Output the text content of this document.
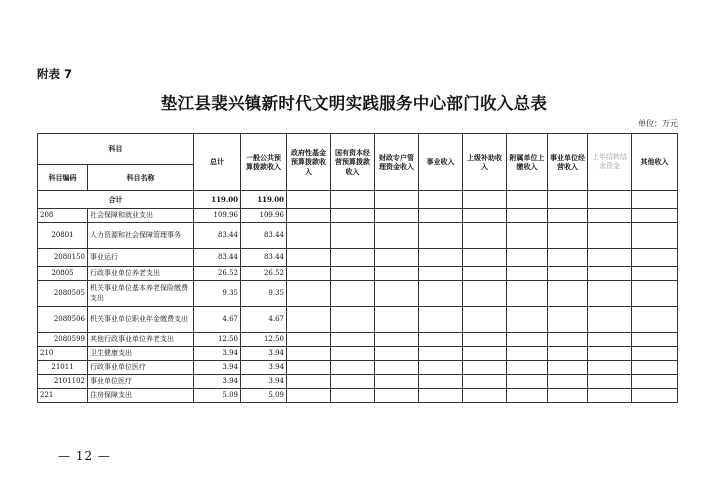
附表 7
垫江县裴兴镇新时代文明实践服务中心部门收入总表
单位：万元
科目		总计	一般公共预算拨款收入	政府性基金预算拨款收入	国有资本经营预算拨款收入	财政专户管理资金收入	事业收入	上级补助收入	附属单位上缴收入	事业单位经营收入	上年结转结余资金	其他收入
科目编码	科目名称											
合计		119.00	119.00									
208	社会保障和就业支出	109.96	109.96									
20801	人力资源和社会保障管理事务	83.44	83.44									
2080150	事业运行	83.44	83.44									
20805	行政事业单位养老支出	26.52	26.52									
2080505	机关事业单位基本养老保险缴费支出	9.35	9.35									
2080506	机关事业单位职业年金缴费支出	4.67	4.67									
2080599	其他行政事业单位养老支出	12.50	12.50									
210	卫生健康支出	3.94	3.94									
21011	行政事业单位医疗	3.94	3.94									
2101102	事业单位医疗	3.94	3.94									
221	住房保障支出	5.09	5.09									
— 12 —
